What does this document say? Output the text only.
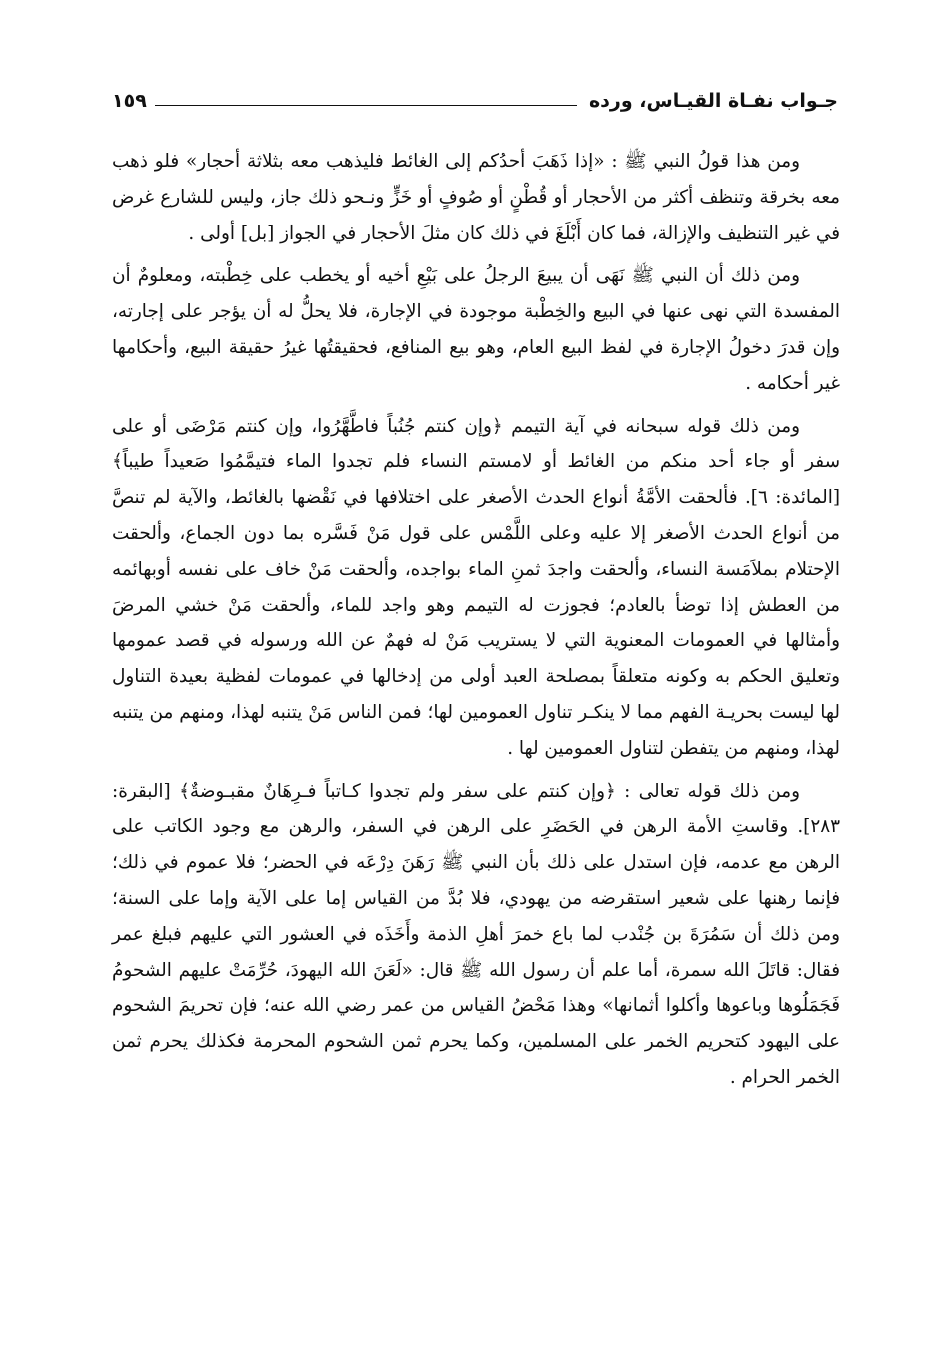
جـواب نفـاة القيـاس، ورده
١٥٩

ومن هذا قولُ النبي ﷺ : «إذا ذَهَبَ أحدُكم إلى الغائط فليذهب معه بثلاثة أحجار» فلو ذهب معه بخرقة وتنظف أكثر من الأحجار أو قُطْنٍ أو صُوفٍ أو خَزٍّ ونـحو ذلك جاز، وليس للشارع غرض في غير التنظيف والإزالة، فما كان أَبْلَغَ في ذلك كان مثلَ الأحجار في الجواز [بل] أولى .

ومن ذلك أن النبي ﷺ نَهَى أن يبيعَ الرجلُ على بَيْعِ أخيه أو يخطب على خِطْبته، ومعلومٌ أن المفسدة التي نهى عنها في البيع والخِطْبة موجودة في الإجارة، فلا يحلُّ له أن يؤجر على إجارته، وإن قدرَ دخولُ الإجارة في لفظ البيع العام، وهو بيع المنافع، فحقيقتُها غيرُ حقيقة البيع، وأحكامها غير أحكامه .

ومن ذلك قوله سبحانه في آية التيمم ﴿وإن كنتم جُنُباً فاطَّهَّرُوا، وإن كنتم مَرْضَى أو على سفر أو جاء أحد منكم من الغائط أو لامستم النساء فلم تجدوا الماء فتيمَّمُوا صَعيداً طيباً﴾ [المائدة: ٦]. فألحقت الأمَّةُ أنواع الحدث الأصغر على اختلافها في نَقْضها بالغائط، والآية لم تنصَّ من أنواع الحدث الأصغر إلا عليه وعلى اللَّمْس على قول مَنْ فَسَّره بما دون الجماع، وألحقت الإحتلام بملاَمَسة النساء، وألحقت واجدَ ثمنِ الماء بواجده، وألحقت مَنْ خاف على نفسه أوبهائمه من العطش إذا توضأ بالعادم؛ فجوزت له التيمم وهو واجد للماء، وألحقت مَنْ خشي المرضَ وأمثالها في العمومات المعنوية التي لا يستريب مَنْ له فهمٌ عن الله ورسوله في قصد عمومها وتعليق الحكم به وكونه متعلقاً بمصلحة العبد أولى من إدخالها في عمومات لفظية بعيدة التناول لها ليست بحريـة الفهم مما لا ينكـر تناول العمومين لها؛ فمن الناس مَنْ يتنبه لهذا، ومنهم من يتنبه لهذا، ومنهم من يتفطن لتناول العمومين لها .

ومن ذلك قوله تعالى : ﴿وإن كنتم على سفر ولم تجدوا كـاتباً فـرِهَانٌ مقبـوضةٌ﴾ [البقرة: ٢٨٣]. وقاستِ الأمة الرهن في الحَضَرِ على الرهن في السفر، والرهن مع وجود الكاتب على الرهن مع عدمه، فإن استدل على ذلك بأن النبي ﷺ رَهَنَ دِرْعَه في الحضر؛ فلا عموم في ذلك؛ فإنما رهنها على شعير استقرضه من يهودي، فلا بُدَّ من القياس إما على الآية وإما على السنة؛ ومن ذلك أن سَمُرَةَ بن جُنْدب لما باع خمرَ أهلِ الذمة وأَخَذَه في العشور التي عليهم فبلغ عمر فقال: قاتَلَ الله سمرة، أما علم أن رسول الله ﷺ قال: «لَعَنَ الله اليهودَ، حُرِّمَتْ عليهم الشحومُ فَجَمَلُوها وباعوها وأكلوا أثمانها» وهذا مَحْضُ القياس من عمر رضي الله عنه؛ فإن تحريمَ الشحوم على اليهود كتحريم الخمر على المسلمين، وكما يحرم ثمن الشحوم المحرمة فكذلك يحرم ثمن الخمر الحرام .
